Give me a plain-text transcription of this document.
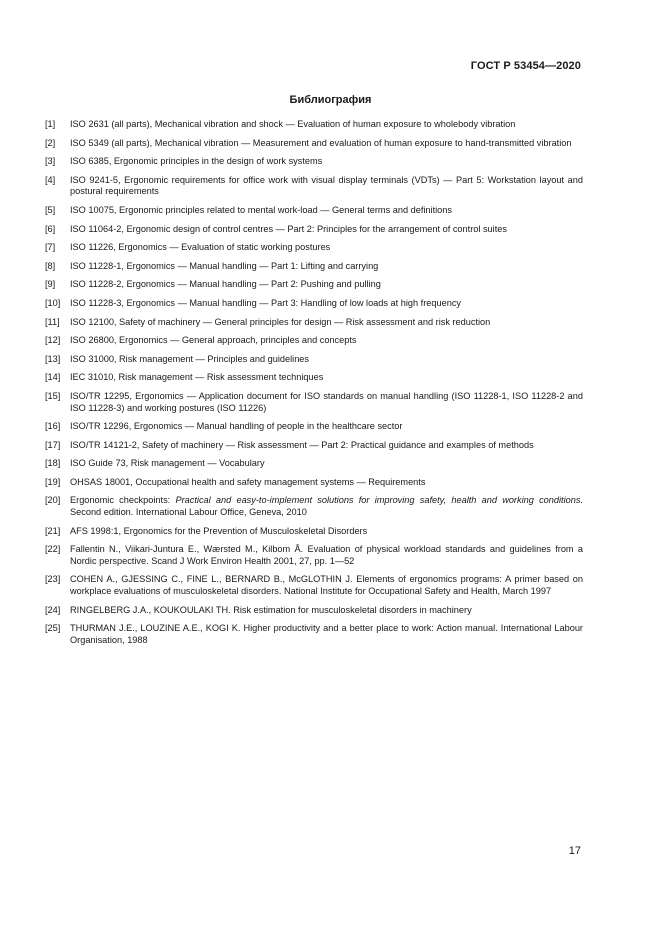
ГОСТ Р 53454—2020
Библиография
[1]	ISO 2631 (all parts), Mechanical vibration and shock — Evaluation of human exposure to wholebody vibration
[2]	ISO 5349 (all parts), Mechanical vibration — Measurement and evaluation of human exposure to hand-transmitted vibration
[3]	ISO 6385, Ergonomic principles in the design of work systems
[4]	ISO 9241-5, Ergonomic requirements for office work with visual display terminals (VDTs) — Part 5: Workstation layout and postural requirements
[5]	ISO 10075, Ergonomic principles related to mental work-load — General terms and definitions
[6]	ISO 11064-2, Ergonomic design of control centres — Part 2: Principles for the arrangement of control suites
[7]	ISO 11226, Ergonomics — Evaluation of static working postures
[8]	ISO 11228-1, Ergonomics — Manual handling — Part 1: Lifting and carrying
[9]	ISO 11228-2, Ergonomics — Manual handling — Part 2: Pushing and pulling
[10]	ISO 11228-3, Ergonomics — Manual handling — Part 3: Handling of low loads at high frequency
[11]	ISO 12100, Safety of machinery — General principles for design — Risk assessment and risk reduction
[12]	ISO 26800, Ergonomics — General approach, principles and concepts
[13]	ISO 31000, Risk management — Principles and guidelines
[14]	IEC 31010, Risk management — Risk assessment techniques
[15]	ISO/TR 12295, Ergonomics — Application document for ISO standards on manual handling (ISO 11228-1, ISO 11228-2 and ISO 11228-3) and working postures (ISO 11226)
[16]	ISO/TR 12296, Ergonomics — Manual handling of people in the healthcare sector
[17]	ISO/TR 14121-2, Safety of machinery — Risk assessment — Part 2: Practical guidance and examples of methods
[18]	ISO Guide 73, Risk management — Vocabulary
[19]	OHSAS 18001, Occupational health and safety management systems — Requirements
[20]	Ergonomic checkpoints: Practical and easy-to-implement solutions for improving safety, health and working conditions. Second edition. International Labour Office, Geneva, 2010
[21]	AFS 1998:1, Ergonomics for the Prevention of Musculoskeletal Disorders
[22]	Fallentin N., Viikari-Juntura E., Wærsted M., Kilbom Å. Evaluation of physical workload standards and guidelines from a Nordic perspective. Scand J Work Environ Health 2001, 27, pp. 1—52
[23]	COHEN A., GJESSING C., FINE L., BERNARD B., McGLOTHIN J. Elements of ergonomics programs: A primer based on workplace evaluations of musculoskeletal disorders. National Institute for Occupational Safety and Health, March 1997
[24]	RINGELBERG J.A., KOUKOULAKI TH. Risk estimation for musculoskeletal disorders in machinery
[25]	THURMAN J.E., LOUZINE A.E., KOGI K. Higher productivity and a better place to work: Action manual. International Labour Organisation, 1988
17
